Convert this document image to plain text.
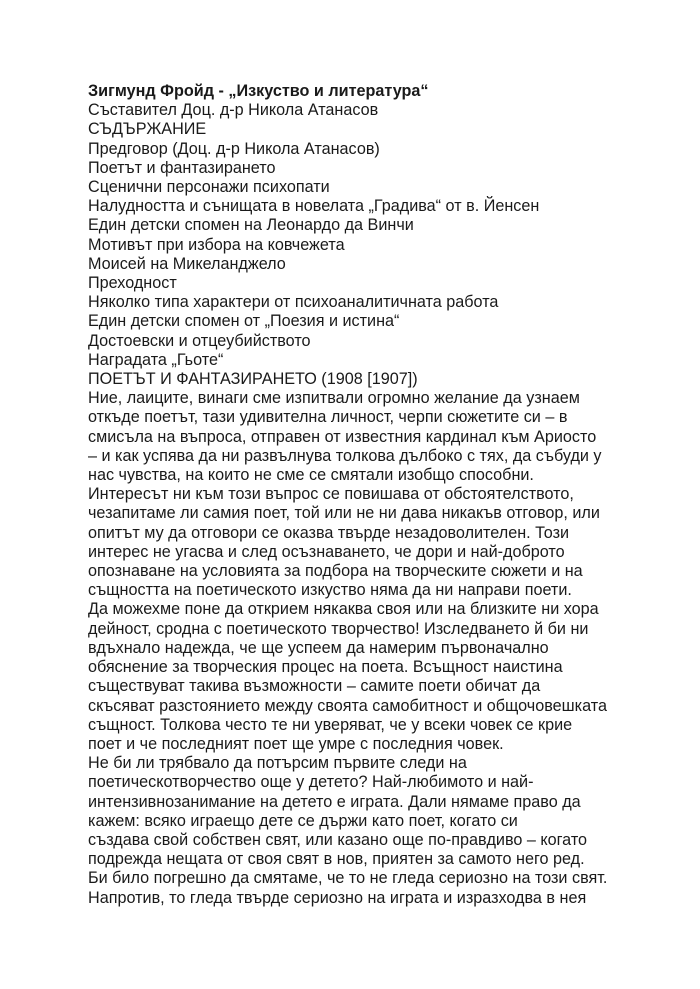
Зигмунд Фройд - „Изкуство и литература“
Съставител Доц. д-р Никола Атанасов
СЪДЪРЖАНИЕ
Предговор (Доц. д-р Никола Атанасов)
Поетът и фантазирането
Сценични персонажи психопати
Налудността и сънищата в новелата „Градива“ от в. Йенсен
Един детски спомен на Леонардо да Винчи
Мотивът при избора на ковчежета
Моисей на Микеланджело
Преходност
Няколко типа характери от психоаналитичната работа
Един детски спомен от „Поезия и истина“
Достоевски и отцеубийството
Наградата „Гьоте“
ПОЕТЪТ И ФАНТАЗИРАНЕТО (1908 [1907])
Ние, лаиците, винаги сме изпитвали огромно желание да узнаем
откъде поетът, тази удивителна личност, черпи сюжетите си – в
смисъла на въпроса, отправен от известния кардинал към Ариосто
– и как успява да ни развълнува толкова дълбоко с тях, да събуди у
нас чувства, на които не сме се смятали изобщо способни.
Интересът ни към този въпрос се повишава от обстоятелството,
чезапитаме ли самия поет, той или не ни дава никакъв отговор, или
опитът му да отговори се оказва твърде незадоволителен. Този
интерес не угасва и след осъзнаването, че дори и най-доброто
опознаване на условията за подбора на творческите сюжети и на
същността на поетическото изкуство няма да ни направи поети.
Да можехме поне да открием някаква своя или на близките ни хора
дейност, сродна с поетическото творчество! Изследването й би ни
вдъхнало надежда, че ще успеем да намерим първоначално
обяснение за творческия процес на поета. Всъщност наистина
съществуват такива възможности – самите поети обичат да
скъсяват разстоянието между своята самобитност и общочовешката
същност. Толкова често те ни уверяват, че у всеки човек се крие
поет и че последният поет ще умре с последния човек.
Не би ли трябвало да потърсим първите следи на
поетическотворчество още у детето? Най-любимото и най-
интензивнозанимание на детето е играта. Дали нямаме право да
кажем: всяко играещо дете се държи като поет, когато си
създава свой собствен свят, или казано още по-правдиво – когато
подрежда нещата от своя свят в нов, приятен за самото него ред.
Би било погрешно да смятаме, че то не гледа сериозно на този свят.
Напротив, то гледа твърде сериозно на играта и изразходва в нея
